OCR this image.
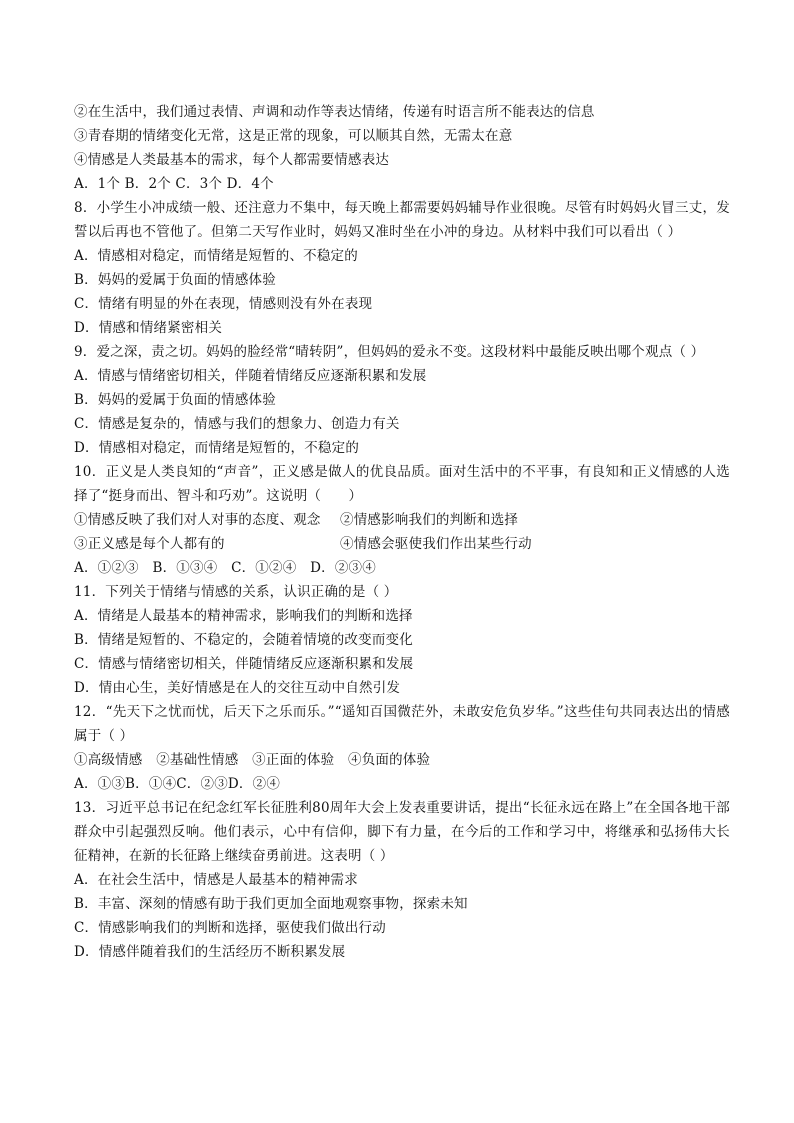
②在生活中，我们通过表情、声调和动作等表达情绪，传递有时语言所不能表达的信息
③青春期的情绪变化无常，这是正常的现象，可以顺其自然，无需太在意
④情感是人类最基本的需求，每个人都需要情感表达
A．1个 B．2个 C．3个 D．4个
8．小学生小冲成绩一般、还注意力不集中，每天晚上都需要妈妈辅导作业很晚。尽管有时妈妈火冒三丈，发誓以后再也不管他了。但第二天写作业时，妈妈又准时坐在小冲的身边。从材料中我们可以看出（ ）
A．情感相对稳定，而情绪是短暂的、不稳定的
B．妈妈的爱属于负面的情感体验
C．情绪有明显的外在表现，情感则没有外在表现
D．情感和情绪紧密相关
9．爱之深，责之切。妈妈的脸经常“晴转阴”，但妈妈的爱永不变。这段材料中最能反映出哪个观点（ ）
A．情感与情绪密切相关，伴随着情绪反应逐渐积累和发展
B．妈妈的爱属于负面的情感体验
C．情感是复杂的，情感与我们的想象力、创造力有关
D．情感相对稳定，而情绪是短暂的，不稳定的
10．正义是人类良知的“声音”，正义感是做人的优良品质。面对生活中的不平事，有良知和正义情感的人选择了“挺身而出、智斗和巧劝”。这说明（　　）
①情感反映了我们对人对事的态度、观念	②情感影响我们的判断和选择
③正义感是每个人都有的	④情感会驱使我们作出某些行动
A．①②③　B．①③④　C．①②④　D．②③④
11．下列关于情绪与情感的关系，认识正确的是（ ）
A．情绪是人最基本的精神需求，影响我们的判断和选择
B．情绪是短暂的、不稳定的，会随着情境的改变而变化
C．情感与情绪密切相关，伴随情绪反应逐渐积累和发展
D．情由心生，美好情感是在人的交往互动中自然引发
12．“先天下之忧而忧，后天下之乐而乐。”“遥知百国微茫外，未敢安危负岁华。”这些佳句共同表达出的情感属于（ ）
①高级情感　②基础性情感　③正面的体验　④负面的体验
A．①③B．①④C．②③D．②④
13．习近平总书记在纪念红军长征胜利80周年大会上发表重要讲话，提出“长征永远在路上”在全国各地干部群众中引起强烈反响。他们表示，心中有信仰，脚下有力量，在今后的工作和学习中，将继承和弘扬伟大长征精神，在新的长征路上继续奋勇前进。这表明（ ）
A．在社会生活中，情感是人最基本的精神需求
B．丰富、深刻的情感有助于我们更加全面地观察事物，探索未知
C．情感影响我们的判断和选择，驱使我们做出行动
D．情感伴随着我们的生活经历不断积累发展
